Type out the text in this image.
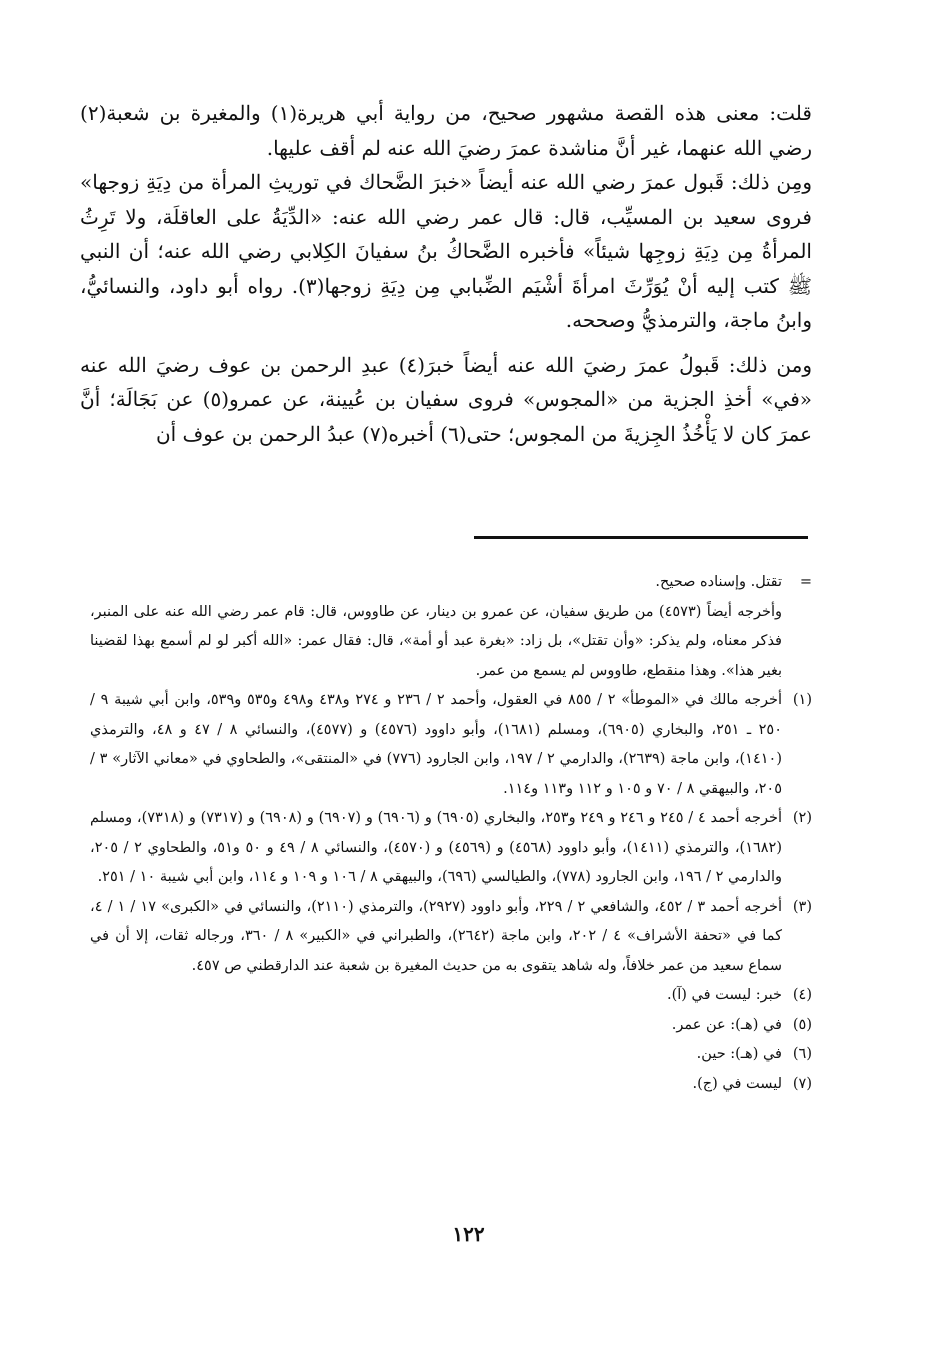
قلت: معنى هذه القصة مشهور صحيح، من رواية أبي هريرة(١) والمغيرة بن شعبة(٢) رضي الله عنهما، غير أنَّ مناشدة عمرَ رضيَ الله عنه لم أقف عليها.

ومِن ذلك: قَبول عمرَ رضي الله عنه أيضاً «خبرَ الضَّحاك في توريثِ المرأة من دِيَةِ زوجها» فروى سعيد بن المسيِّب، قال: قال عمر رضي الله عنه: «الدِّيَةُ على العاقلَة، ولا تَرِثُ المرأةُ مِن دِيَةِ زوجِها شيئاً» فأخبره الضَّحاكُ بنُ سفيانَ الكِلابي رضي الله عنه؛ أن النبي ﷺ كتب إليه أنْ يُوَرِّثَ امرأةَ أشْيَم الضِّبابي مِن دِيَةِ زوجها(٣). رواه أبو داود، والنسائيُّ، وابنُ ماجة، والترمذيُّ وصححه.

ومن ذلك: قَبولُ عمرَ رضيَ الله عنه أيضاً خبرَ(٤) عبدِ الرحمن بن عوف رضيَ الله عنه «في» أخذِ الجزية من «المجوس» فروى سفيان بن عُيينة، عن عمرو(٥) عن بَجَالَة؛ أنَّ عمرَ كان لا يَأْخُذُ الجِزيةَ من المجوس؛ حتى(٦) أخبره(٧) عبدُ الرحمن بن عوف أن

=
تقتل. وإسناده صحيح.

وأخرجه أيضاً (٤٥٧٣) من طريق سفيان، عن عمرو بن دينار، عن طاووس، قال: قام عمر رضي الله عنه على المنبر، فذكر معناه، ولم يذكر: «وأن تقتل»، بل زاد: «بغرة عبد أو أمة»، قال: فقال عمر: «الله أكبر لو لم أسمع بهذا لقضينا بغير هذا». وهذا منقطع، طاووس لم يسمع من عمر.

(١)
أخرجه مالك في «الموطأ» ٢ / ٨٥٥ في العقول، وأحمد ٢ / ٢٣٦ و ٢٧٤ و٤٣٨ و٤٩٨ و٥٣٥ و٥٣٩، وابن أبي شيبة ٩ / ٢٥٠ ـ ٢٥١، والبخاري (٦٩٠٥)، ومسلم (١٦٨١)، وأبو داوود (٤٥٧٦) و (٤٥٧٧)، والنسائي ٨ / ٤٧ و ٤٨، والترمذي (١٤١٠)، وابن ماجة (٢٦٣٩)، والدارمي ٢ / ١٩٧، وابن الجارود (٧٧٦) في «المنتقى»، والطحاوي في «معاني الآثار» ٣ / ٢٠٥، والبيهقي ٨ / ٧٠ و ١٠٥ و ١١٢ و١١٣ و١١٤.

(٢)
أخرجه أحمد ٤ / ٢٤٥ و ٢٤٦ و ٢٤٩ و٢٥٣، والبخاري (٦٩٠٥) و (٦٩٠٦) و (٦٩٠٧) و (٦٩٠٨) و (٧٣١٧) و (٧٣١٨)، ومسلم (١٦٨٢)، والترمذي (١٤١١)، وأبو داوود (٤٥٦٨) و (٤٥٦٩) و (٤٥٧٠)، والنسائي ٨ / ٤٩ و ٥٠ و٥١، والطحاوي ٢ / ٢٠٥، والدارمي ٢ / ١٩٦، وابن الجارود (٧٧٨)، والطيالسي (٦٩٦)، والبيهقي ٨ / ١٠٦ و ١٠٩ و ١١٤، وابن أبي شيبة ١٠ / ٢٥١.

(٣)
أخرجه أحمد ٣ / ٤٥٢، والشافعي ٢ / ٢٢٩، وأبو داوود (٢٩٢٧)، والترمذي (٢١١٠)، والنسائي في «الكبرى» ١٧ / ١ / ٤، كما في «تحفة الأشراف» ٤ / ٢٠٢، وابن ماجة (٢٦٤٢)، والطبراني في «الكبير» ٨ / ٣٦٠، ورجاله ثقات، إلا أن في سماع سعيد من عمر خلافاً، وله شاهد يتقوى به من حديث المغيرة بن شعبة عند الدارقطني ص ٤٥٧.

(٤)
خبر: ليست في (آ).

(٥)
في (هـ): عن عمر.

(٦)
في (هـ): حين.

(٧)
ليست في (ج).

١٢٢
